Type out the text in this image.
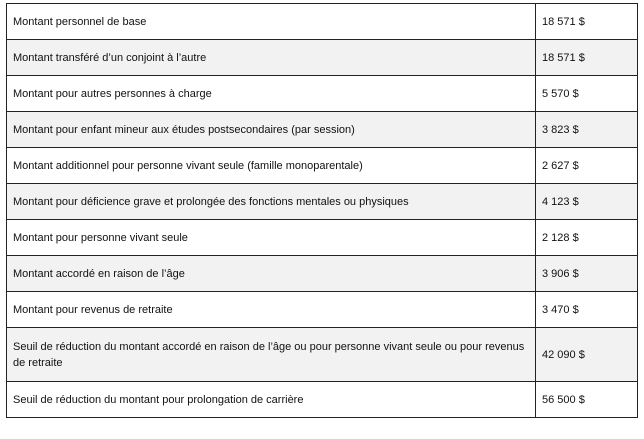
Montant personnel de base	18 571 $
Montant transféré d’un conjoint à l’autre	18 571 $
Montant pour autres personnes à charge	5 570 $
Montant pour enfant mineur aux études postsecondaires (par session)	3 823 $
Montant additionnel pour personne vivant seule (famille monoparentale)	2 627 $
Montant pour déficience grave et prolongée des fonctions mentales ou physiques	4 123 $
Montant pour personne vivant seule	2 128 $
Montant accordé en raison de l’âge	3 906 $
Montant pour revenus de retraite	3 470 $
Seuil de réduction du montant accordé en raison de l’âge ou pour personne vivant seule ou pour revenus de retraite	42 090 $
Seuil de réduction du montant pour prolongation de carrière	56 500 $
